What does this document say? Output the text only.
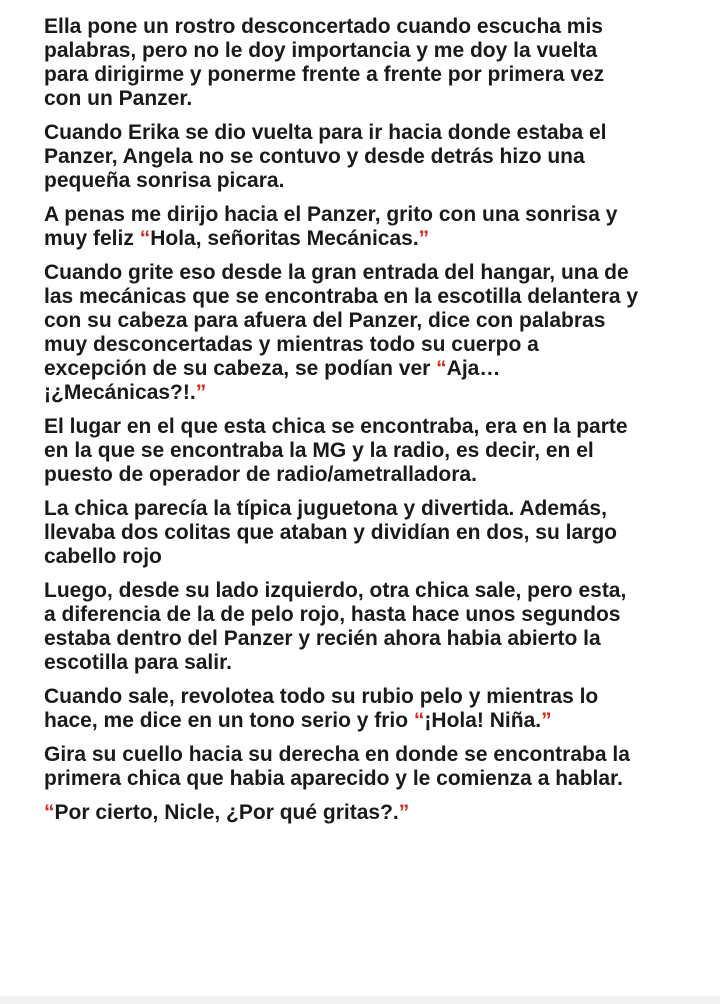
Ella pone un rostro desconcertado cuando escucha mis
palabras, pero no le doy importancia y me doy la vuelta
para dirigirme y ponerme frente a frente por primera vez
con un Panzer.

Cuando Erika se dio vuelta para ir hacia donde estaba el
Panzer, Angela no se contuvo y desde detrás hizo una
pequeña sonrisa picara.

A penas me dirijo hacia el Panzer, grito con una sonrisa y
muy feliz “Hola, señoritas Mecánicas.”

Cuando grite eso desde la gran entrada del hangar, una de
las mecánicas que se encontraba en la escotilla delantera y
con su cabeza para afuera del Panzer, dice con palabras
muy desconcertadas y mientras todo su cuerpo a
excepción de su cabeza, se podían ver “Aja…
¡¿Mecánicas?!.”

El lugar en el que esta chica se encontraba, era en la parte
en la que se encontraba la MG y la radio, es decir, en el
puesto de operador de radio/ametralladora.

La chica parecía la típica juguetona y divertida. Además,
llevaba dos colitas que ataban y dividían en dos, su largo
cabello rojo

Luego, desde su lado izquierdo, otra chica sale, pero esta,
a diferencia de la de pelo rojo, hasta hace unos segundos
estaba dentro del Panzer y recién ahora habia abierto la
escotilla para salir.

Cuando sale, revolotea todo su rubio pelo y mientras lo
hace, me dice en un tono serio y frio “¡Hola! Niña.”

Gira su cuello hacia su derecha en donde se encontraba la
primera chica que habia aparecido y le comienza a hablar.

“Por cierto, Nicle, ¿Por qué gritas?.”
